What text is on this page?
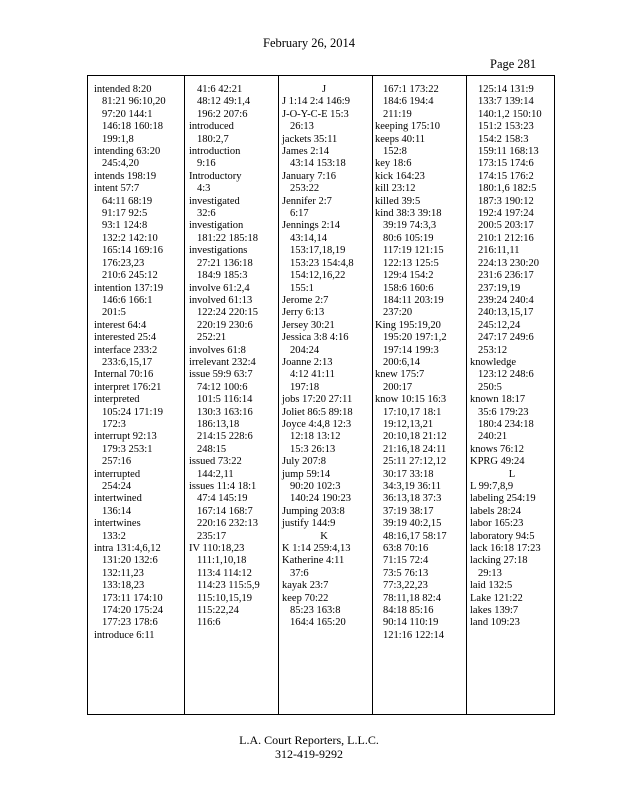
February 26, 2014
Page 281
intended 8:20
81:21 96:10,20
97:20 144:1
146:18 160:18
199:1,8
intending 63:20
245:4,20
intends 198:19
intent 57:7
64:11 68:19
91:17 92:5
93:1 124:8
132:2 142:10
165:14 169:16
176:23,23
210:6 245:12
intention 137:19
146:6 166:1
201:5
interest 64:4
interested 25:4
interface 233:2
233:6,15,17
Internal 70:16
interpret 176:21
interpreted
105:24 171:19
172:3
interrupt 92:13
179:3 253:1
257:16
interrupted
254:24
intertwined
136:14
intertwines
133:2
intra 131:4,6,12
131:20 132:6
132:11,23
133:18,23
173:11 174:10
174:20 175:24
177:23 178:6
introduce 6:11
41:6 42:21
48:12 49:1,4
196:2 207:6
introduced
180:2,7
introduction
9:16
Introductory
4:3
investigated
32:6
investigation
181:22 185:18
investigations
27:21 136:18
184:9 185:3
involve 61:2,4
involved 61:13
122:24 220:15
220:19 230:6
252:21
involves 61:8
irrelevant 232:4
issue 59:9 63:7
74:12 100:6
101:5 116:14
130:3 163:16
186:13,18
214:15 228:6
248:15
issued 73:22
144:2,11
issues 11:4 18:1
47:4 145:19
167:14 168:7
220:16 232:13
235:17
IV 110:18,23
111:1,10,18
113:4 114:12
114:23 115:5,9
115:10,15,19
115:22,24
116:6
J
J 1:14 2:4 146:9
J-O-Y-C-E 15:3
26:13
jackets 35:11
James 2:14
43:14 153:18
January 7:16
253:22
Jennifer 2:7
6:17
Jennings 2:14
43:14,14
153:17,18,19
153:23 154:4,8
154:12,16,22
155:1
Jerome 2:7
Jerry 6:13
Jersey 30:21
Jessica 3:8 4:16
204:24
Joanne 2:13
4:12 41:11
197:18
jobs 17:20 27:11
Joliet 86:5 89:18
Joyce 4:4,8 12:3
12:18 13:12
15:3 26:13
July 207:8
jump 59:14
90:20 102:3
140:24 190:23
Jumping 203:8
justify 144:9
K
K 1:14 259:4,13
Katherine 4:11
37:6
kayak 23:7
keep 70:22
85:23 163:8
164:4 165:20
167:1 173:22
184:6 194:4
211:19
keeping 175:10
keeps 40:11
152:8
key 18:6
kick 164:23
kill 23:12
killed 39:5
kind 38:3 39:18
39:19 74:3,3
80:6 105:19
117:19 121:15
122:13 125:5
129:4 154:2
158:6 160:6
184:11 203:19
237:20
King 195:19,20
195:20 197:1,2
197:14 199:3
200:6,14
knew 175:7
200:17
know 10:15 16:3
17:10,17 18:1
19:12,13,21
20:10,18 21:12
21:16,18 24:11
25:11 27:12,12
30:17 33:18
34:3,19 36:11
36:13,18 37:3
37:19 38:17
39:19 40:2,15
48:16,17 58:17
63:8 70:16
71:15 72:4
73:5 76:13
77:3,22,23
78:11,18 82:4
84:18 85:16
90:14 110:19
121:16 122:14
125:14 131:9
133:7 139:14
140:1,2 150:10
151:2 153:23
154:2 158:3
159:11 168:13
173:15 174:6
174:15 176:2
180:1,6 182:5
187:3 190:12
192:4 197:24
200:5 203:17
210:1 212:16
216:11,11
224:13 230:20
231:6 236:17
237:19,19
239:24 240:4
240:13,15,17
245:12,24
247:17 249:6
253:12
knowledge
123:12 248:6
250:5
known 18:17
35:6 179:23
180:4 234:18
240:21
knows 76:12
KPRG 49:24
L
L 99:7,8,9
labeling 254:19
labels 28:24
labor 165:23
laboratory 94:5
lack 16:18 17:23
lacking 27:18
29:13
laid 132:5
Lake 121:22
lakes 139:7
land 109:23
L.A. Court Reporters, L.L.C.
312-419-9292
